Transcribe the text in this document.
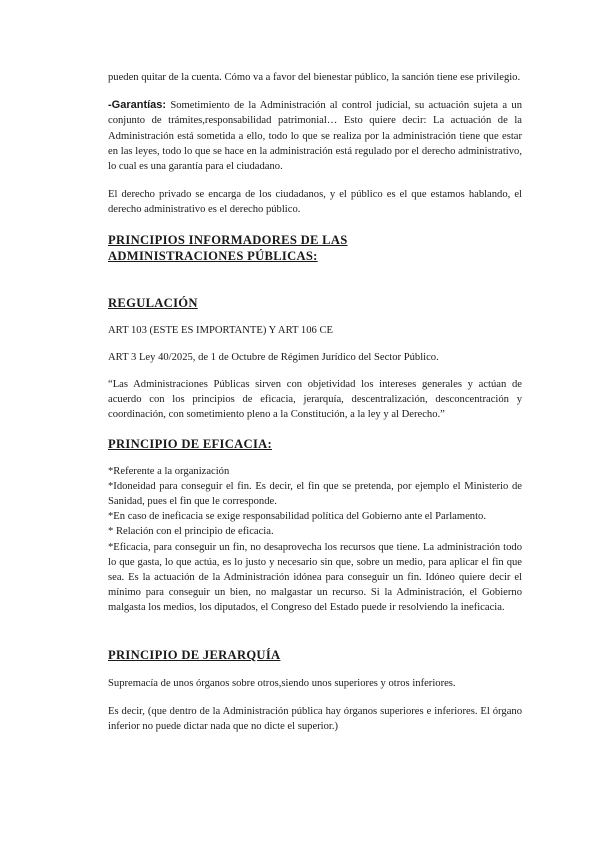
pueden quitar de la cuenta. Cómo va a favor del bienestar público, la sanción tiene ese privilegio.

-Garantías: Sometimiento de la Administración al control judicial, su actuación sujeta a un conjunto de trámites,responsabilidad patrimonial… Esto quiere decir: La actuación de la Administración está sometida a ello, todo lo que se realiza por la administración tiene que estar en las leyes, todo lo que se hace en la administración está regulado por el derecho administrativo, lo cual es una garantía para el ciudadano.

El derecho privado se encarga de los ciudadanos, y el público es el que estamos hablando, el derecho administrativo es el derecho público.

PRINCIPIOS INFORMADORES DE LAS
ADMINISTRACIONES PÚBLICAS:
REGULACIÓN

ART 103 (ESTE ES IMPORTANTE) Y ART 106 CE

ART 3 Ley 40/2025, de 1 de Octubre de Régimen Jurídico del Sector Público.

“Las Administraciones Públicas sirven con objetividad los intereses generales y actúan de acuerdo con los principios de eficacia, jerarquía, descentralización, desconcentración y coordinación, con sometimiento pleno a la Constitución, a la ley y al Derecho.”

PRINCIPIO DE EFICACIA:

*Referente a la organización

*Idoneidad para conseguir el fin. Es decir, el fin que se pretenda, por ejemplo el Ministerio de Sanidad, pues el fin que le corresponde.

*En caso de ineficacia se exige responsabilidad política del Gobierno ante el Parlamento.

* Relación con el principio de eficacia.

*Eficacia, para conseguir un fin, no desaprovecha los recursos que tiene. La administración todo lo que gasta, lo que actúa, es lo justo y necesario sin que, sobre un medio, para aplicar el fin que sea. Es la actuación de la Administración idónea para conseguir un fin. Idóneo quiere decir el mínimo para conseguir un bien, no malgastar un recurso. Si la Administración, el Gobierno malgasta los medios, los diputados, el Congreso del Estado puede ir resolviendo la ineficacia.

PRINCIPIO DE JERARQUÍA

Supremacía de unos órganos sobre otros,siendo unos superiores y otros inferiores.

Es decir, (que dentro de la Administración pública hay órganos superiores e inferiores. El órgano inferior no puede dictar nada que no dicte el superior.)
